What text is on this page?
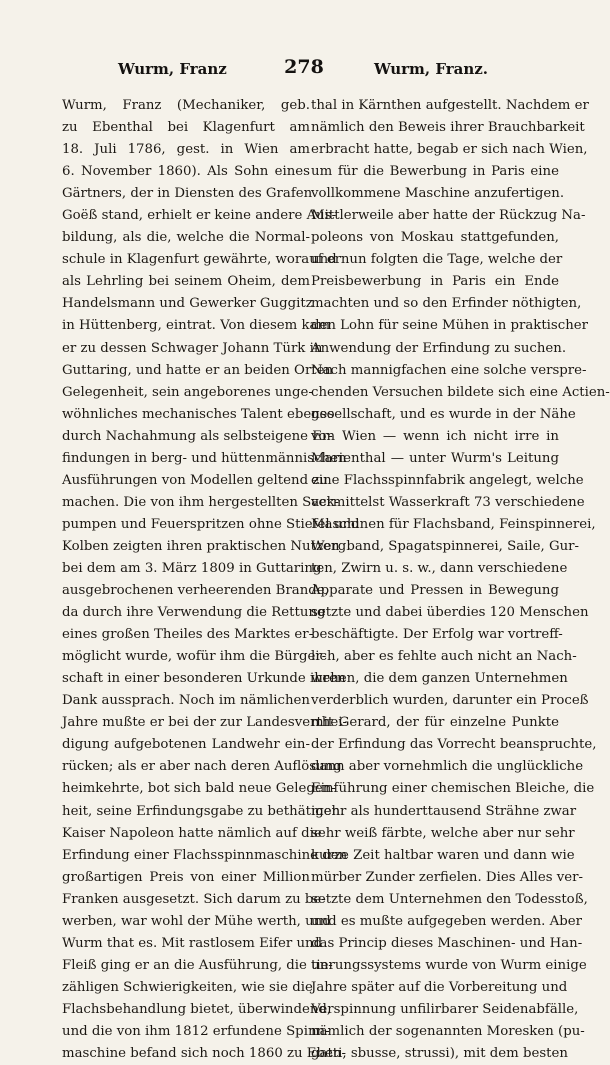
Wurm, Franz	278	Wurm, Franz.
Wurm, Franz (Mechaniker, geb.
zu Ebenthal bei Klagenfurt am
18. Juli 1786, gest. in Wien am
6. November 1860). Als Sohn eines
Gärtners, der in Diensten des Grafen
Goëß stand, erhielt er keine andere Aus-
bildung, als die, welche die Normal-
schule in Klagenfurt gewährte, worauf er
als Lehrling bei seinem Oheim, dem
Handelsmann und Gewerker Guggitz
in Hüttenberg, eintrat. Von diesem kam
er zu dessen Schwager Johann Türk in
Guttaring, und hatte er an beiden Orten
Gelegenheit, sein angeborenes unge-
wöhnliches mechanisches Talent ebenso
durch Nachahmung als selbsteigene Er-
findungen in berg- und hüttenmännischen
Ausführungen von Modellen geltend zu
machen. Die von ihm hergestellten Sack-
pumpen und Feuerspritzen ohne Stiefel und
Kolben zeigten ihren praktischen Nutzen
bei dem am 3. März 1809 in Guttaring
ausgebrochenen verheerenden Brande,
da durch ihre Verwendung die Rettung
eines großen Theiles des Marktes er-
möglicht wurde, wofür ihm die Bürger-
schaft in einer besonderen Urkunde ihren
Dank aussprach. Noch im nämlichen
Jahre mußte er bei der zur Landesverthei-
digung aufgebotenen Landwehr ein-
rücken; als er aber nach deren Auflösung
heimkehrte, bot sich bald neue Gelegen-
heit, seine Erfindungsgabe zu bethätigen.
Kaiser Napoleon hatte nämlich auf die
Erfindung einer Flachsspinnmaschine den
großartigen Preis von einer Million
Franken ausgesetzt. Sich darum zu be-
werben, war wohl der Mühe werth, und
Wurm that es. Mit rastlosem Eifer und
Fleiß ging er an die Ausführung, die un-
zähligen Schwierigkeiten, wie sie die
Flachsbehandlung bietet, überwindend,
und die von ihm 1812 erfundene Spinn-
maschine befand sich noch 1860 zu Eben-
thal in Kärnthen aufgestellt. Nachdem er
nämlich den Beweis ihrer Brauchbarkeit
erbracht hatte, begab er sich nach Wien,
um für die Bewerbung in Paris eine
vollkommene Maschine anzufertigen.
Mittlerweile aber hatte der Rückzug Na-
poleons von Moskau stattgefunden,
und nun folgten die Tage, welche der
Preisbewerbung in Paris ein Ende
machten und so den Erfinder nöthigten,
den Lohn für seine Mühen in praktischer
Anwendung der Erfindung zu suchen.
Nach mannigfachen eine solche verspre-
chenden Versuchen bildete sich eine Actien-
gesellschaft, und es wurde in der Nähe
von Wien — wenn ich nicht irre in
Marienthal — unter Wurm's Leitung
eine Flachsspinnfabrik angelegt, welche
vermittelst Wasserkraft 73 verschiedene
Maschinen für Flachsband, Feinspinnerei,
Wergband, Spagatspinnerei, Saile, Gur-
ten, Zwirn u. s. w., dann verschiedene
Apparate und Pressen in Bewegung
setzte und dabei überdies 120 Menschen
beschäftigte. Der Erfolg war vortreff-
lich, aber es fehlte auch nicht an Nach-
wehen, die dem ganzen Unternehmen
verderblich wurden, darunter ein Proceß
mit Gerard, der für einzelne Punkte
der Erfindung das Vorrecht beanspruchte,
dann aber vornehmlich die unglückliche
Einführung einer chemischen Bleiche, die
mehr als hunderttausend Strähne zwar
sehr weiß färbte, welche aber nur sehr
kurze Zeit haltbar waren und dann wie
mürber Zunder zerfielen. Dies Alles ver-
setzte dem Unternehmen den Todesstoß,
und es mußte aufgegeben werden. Aber
das Princip dieses Maschinen- und Han-
tierungssystems wurde von Wurm einige
Jahre später auf die Vorbereitung und
Verspinnung unfilirbarer Seidenabfälle,
nämlich der sogenannten Moresken (pu-
gatti, sbusse, strussi), mit dem besten
